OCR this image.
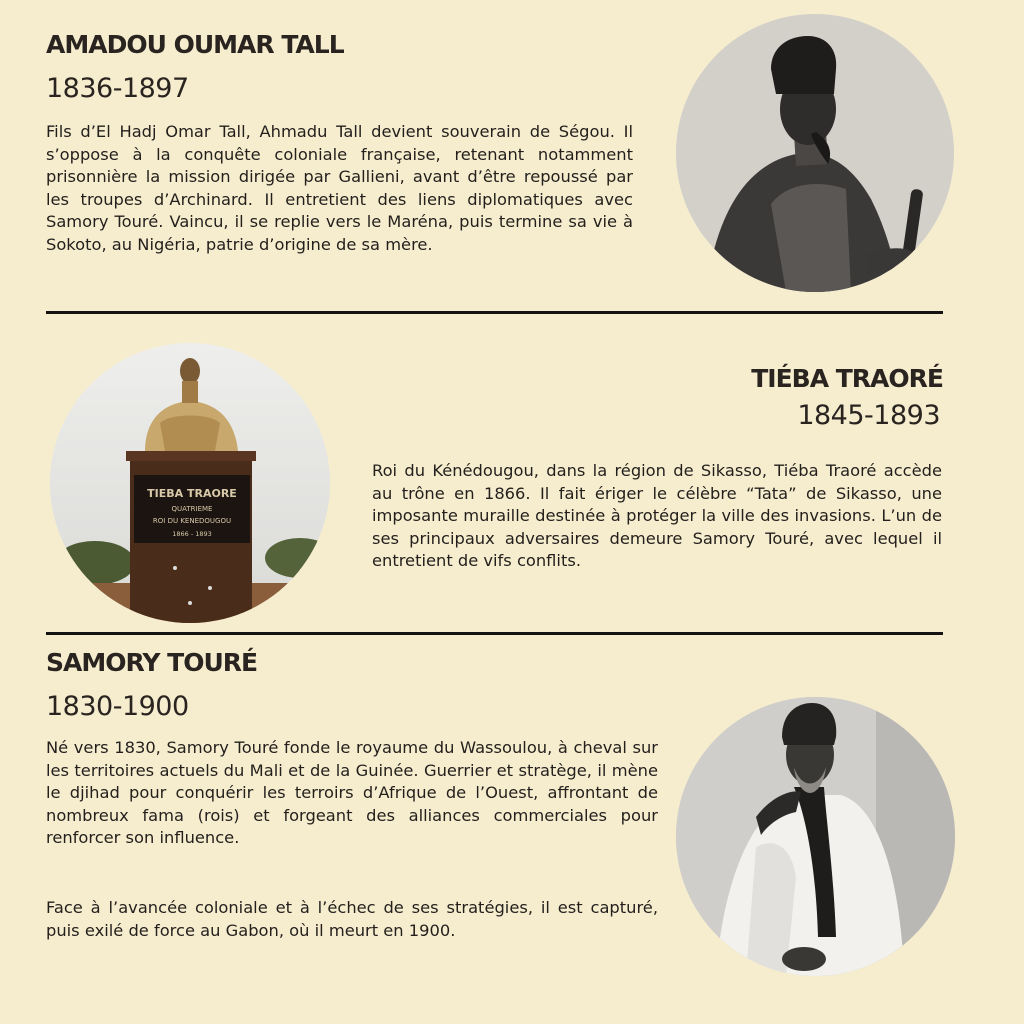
AMADOU OUMAR TALL
1836-1897

Fils d’El Hadj Omar Tall, Ahmadu Tall devient souverain de Ségou. Il s’oppose à la conquête coloniale française, retenant notamment prisonnière la mission dirigée par Gallieni, avant d’être repoussé par les troupes d’Archinard. Il entretient des liens diplomatiques avec Samory Touré. Vaincu, il se replie vers le Maréna, puis termine sa vie à Sokoto, au Nigéria, patrie d’origine de sa mère.

TIÉBA TRAORÉ
1845-1893

Roi du Kénédougou, dans la région de Sikasso, Tiéba Traoré accède au trône en 1866. Il fait ériger le célèbre “Tata” de Sikasso, une imposante muraille destinée à protéger la ville des invasions. L’un de ses principaux adversaires demeure Samory Touré, avec lequel il entretient de vifs conflits.

TIEBA TRAORE
QUATRIEME
ROI DU KENEDOUGOU
1866 - 1893
SAMORY TOURÉ
1830-1900

Né vers 1830, Samory Touré fonde le royaume du Wassoulou, à cheval sur les territoires actuels du Mali et de la Guinée. Guerrier et stratège, il mène le djihad pour conquérir les terroirs d’Afrique de l’Ouest, affrontant de nombreux fama (rois) et forgeant des alliances commerciales pour renforcer son influence.

Face à l’avancée coloniale et à l’échec de ses stratégies, il est capturé, puis exilé de force au Gabon, où il meurt en 1900.
